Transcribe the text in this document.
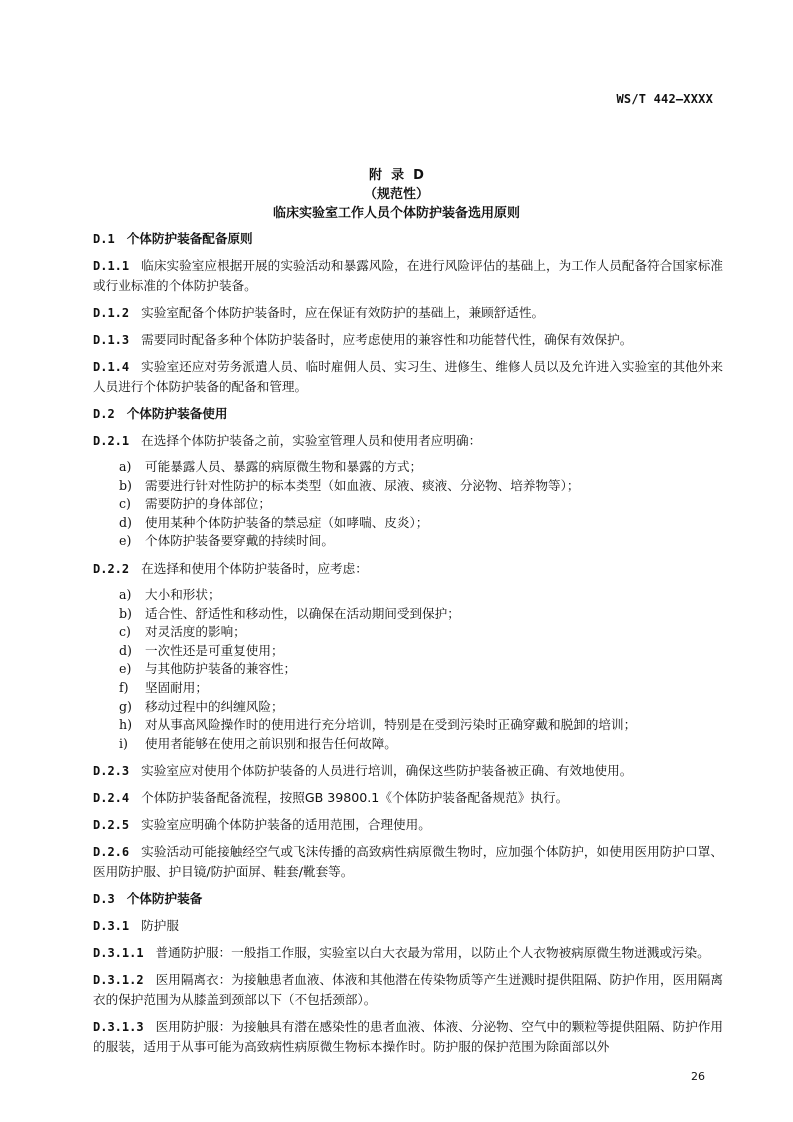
WS/T 442—XXXX
附  录  D
（规范性）
临床实验室工作人员个体防护装备选用原则
D.1 个体防护装备配备原则
D.1.1 临床实验室应根据开展的实验活动和暴露风险，在进行风险评估的基础上，为工作人员配备符合国家标准或行业标准的个体防护装备。
D.1.2 实验室配备个体防护装备时，应在保证有效防护的基础上，兼顾舒适性。
D.1.3 需要同时配备多种个体防护装备时，应考虑使用的兼容性和功能替代性，确保有效保护。
D.1.4 实验室还应对劳务派遣人员、临时雇佣人员、实习生、进修生、维修人员以及允许进入实验室的其他外来人员进行个体防护装备的配备和管理。
D.2 个体防护装备使用
D.2.1 在选择个体防护装备之前，实验室管理人员和使用者应明确：
a)	可能暴露人员、暴露的病原微生物和暴露的方式；
b)	需要进行针对性防护的标本类型（如血液、尿液、痰液、分泌物、培养物等）；
c)	需要防护的身体部位；
d)	使用某种个体防护装备的禁忌症（如哮喘、皮炎）；
e)	个体防护装备要穿戴的持续时间。
D.2.2 在选择和使用个体防护装备时，应考虑：
a)	大小和形状；
b)	适合性、舒适性和移动性，以确保在活动期间受到保护；
c)	对灵活度的影响；
d)	一次性还是可重复使用；
e)	与其他防护装备的兼容性；
f)	坚固耐用；
g)	移动过程中的纠缠风险；
h)	对从事高风险操作时的使用进行充分培训，特别是在受到污染时正确穿戴和脱卸的培训；
i)	使用者能够在使用之前识别和报告任何故障。
D.2.3 实验室应对使用个体防护装备的人员进行培训，确保这些防护装备被正确、有效地使用。
D.2.4 个体防护装备配备流程，按照GB 39800.1《个体防护装备配备规范》执行。
D.2.5 实验室应明确个体防护装备的适用范围，合理使用。
D.2.6 实验活动可能接触经空气或飞沫传播的高致病性病原微生物时，应加强个体防护，如使用医用防护口罩、医用防护服、护目镜/防护面屏、鞋套/靴套等。
D.3 个体防护装备
D.3.1 防护服
D.3.1.1 普通防护服：一般指工作服，实验室以白大衣最为常用，以防止个人衣物被病原微生物迸溅或污染。
D.3.1.2 医用隔离衣：为接触患者血液、体液和其他潜在传染物质等产生迸溅时提供阻隔、防护作用，医用隔离衣的保护范围为从膝盖到颈部以下（不包括颈部）。
D.3.1.3 医用防护服：为接触具有潜在感染性的患者血液、体液、分泌物、空气中的颗粒等提供阻隔、防护作用的服装，适用于从事可能为高致病性病原微生物标本操作时。防护服的保护范围为除面部以外
26
